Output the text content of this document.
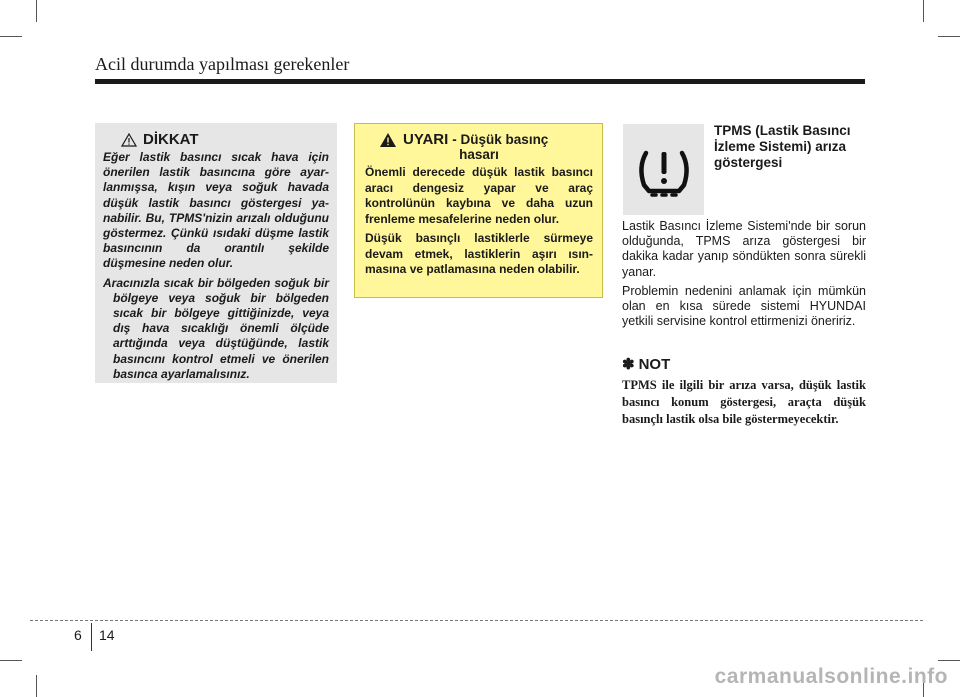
Acil durumda yapılması gerekenler
DİKKAT

Eğer lastik basıncı sıcak hava için önerilen lastik basıncına göre ayarlanmışsa, kışın veya soğuk havada düşük lastik basıncı göstergesi yanabilir. Bu, TPMS'nizin arızalı olduğunu göstermez. Çünkü ısıdaki düşme lastik basıncının da orantılı şekilde düşmesine neden olur.

Aracınızla sıcak bir bölgeden soğuk bir bölgeye veya soğuk bir bölgeden sıcak bir bölgeye gittiğinizde, veya dış hava sıcaklığı önemli ölçüde arttığında veya düştüğünde, lastik basıncını kontrol etmeli ve önerilen basınca ayarlamalısınız.

UYARI - Düşük basınç
hasarı

Önemli derecede düşük lastik basıncı aracı dengesiz yapar ve araç kontrolünün kaybına ve daha uzun frenleme mesafelerine neden olur.

Düşük basınçlı lastiklerle sürmeye devam etmek, lastiklerin aşırı ısınmasına ve patlamasına neden olabilir.

TPMS (Lastik Basıncı İzleme Sistemi) arıza göstergesi

Lastik Basıncı İzleme Sistemi'nde bir sorun olduğunda, TPMS arıza göstergesi bir dakika kadar yanıp söndükten sonra sürekli yanar.

Problemin nedenini anlamak için mümkün olan en kısa sürede sistemi HYUNDAI yetkili servisine kontrol ettirmenizi öneririz.

✽ NOT
TPMS ile ilgili bir arıza varsa, düşük lastik basıncı konum göstergesi, araçta düşük basınçlı lastik olsa bile göstermeyecektir.
6 14
carmanualsonline.info
